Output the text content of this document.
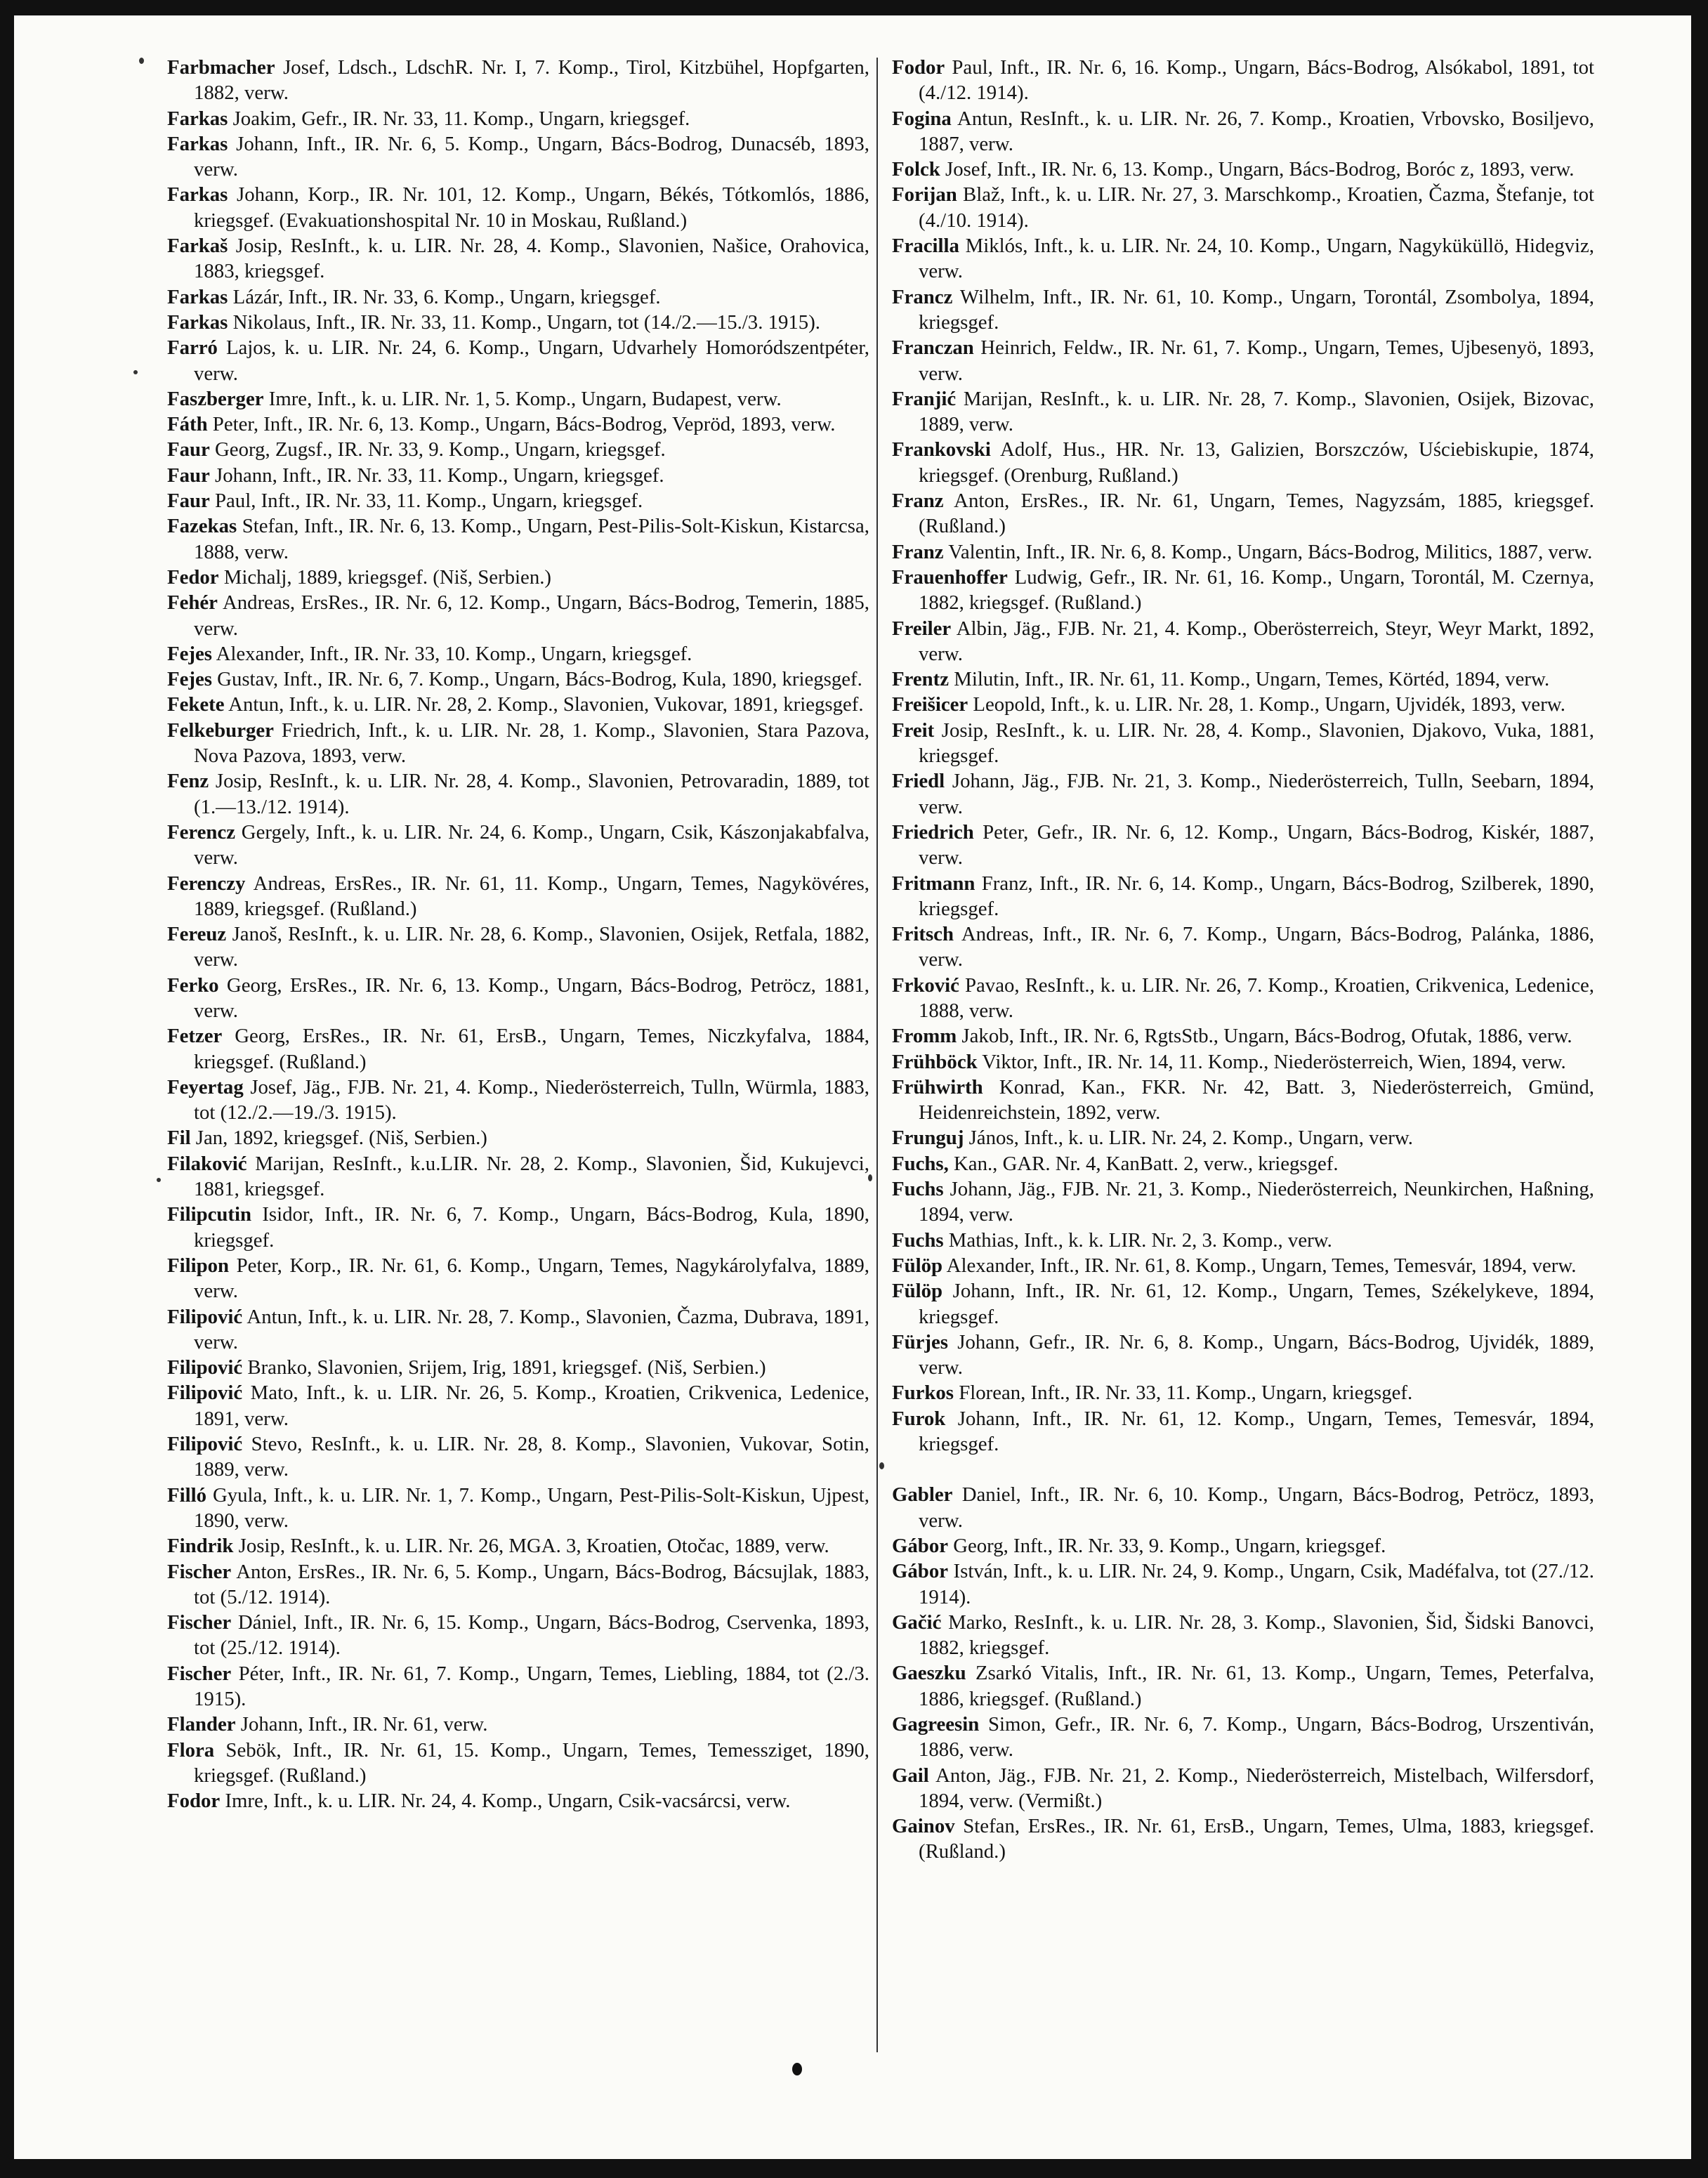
Farbmacher Josef, Ldsch., LdschR. Nr. I, 7. Komp., Tirol, Kitzbühel, Hopfgarten, 1882, verw.
Farkas Joakim, Gefr., IR. Nr. 33, 11. Komp., Ungarn, kriegsgef.
Farkas Johann, Inft., IR. Nr. 6, 5. Komp., Ungarn, Bács-Bodrog, Dunacséb, 1893, verw.
Farkas Johann, Korp., IR. Nr. 101, 12. Komp., Ungarn, Békés, Tótkomlós, 1886, kriegsgef. (Evakuationshospital Nr. 10 in Moskau, Rußland.)
Farkaš Josip, ResInft., k. u. LIR. Nr. 28, 4. Komp., Slavonien, Našice, Orahovica, 1883, kriegsgef.
Farkas Lázár, Inft., IR. Nr. 33, 6. Komp., Ungarn, kriegsgef.
Farkas Nikolaus, Inft., IR. Nr. 33, 11. Komp., Ungarn, tot (14./2.—15./3. 1915).
Farró Lajos, k. u. LIR. Nr. 24, 6. Komp., Ungarn, Udvarhely Homoródszentpéter, verw.
Faszberger Imre, Inft., k. u. LIR. Nr. 1, 5. Komp., Ungarn, Budapest, verw.
Fáth Peter, Inft., IR. Nr. 6, 13. Komp., Ungarn, Bács-Bodrog, Vepröd, 1893, verw.
Faur Georg, Zugsf., IR. Nr. 33, 9. Komp., Ungarn, kriegsgef.
Faur Johann, Inft., IR. Nr. 33, 11. Komp., Ungarn, kriegsgef.
Faur Paul, Inft., IR. Nr. 33, 11. Komp., Ungarn, kriegsgef.
Fazekas Stefan, Inft., IR. Nr. 6, 13. Komp., Ungarn, Pest-Pilis-Solt-Kiskun, Kistarcsa, 1888, verw.
Fedor Michalj, 1889, kriegsgef. (Niš, Serbien.)
Fehér Andreas, ErsRes., IR. Nr. 6, 12. Komp., Ungarn, Bács-Bodrog, Temerin, 1885, verw.
Fejes Alexander, Inft., IR. Nr. 33, 10. Komp., Ungarn, kriegsgef.
Fejes Gustav, Inft., IR. Nr. 6, 7. Komp., Ungarn, Bács-Bodrog, Kula, 1890, kriegsgef.
Fekete Antun, Inft., k. u. LIR. Nr. 28, 2. Komp., Slavonien, Vukovar, 1891, kriegsgef.
Felkeburger Friedrich, Inft., k. u. LIR. Nr. 28, 1. Komp., Slavonien, Stara Pazova, Nova Pazova, 1893, verw.
Fenz Josip, ResInft., k. u. LIR. Nr. 28, 4. Komp., Slavonien, Petrovaradin, 1889, tot (1.—13./12. 1914).
Ferencz Gergely, Inft., k. u. LIR. Nr. 24, 6. Komp., Ungarn, Csik, Kászonjakabfalva, verw.
Ferenczy Andreas, ErsRes., IR. Nr. 61, 11. Komp., Ungarn, Temes, Nagykövéres, 1889, kriegsgef. (Rußland.)
Fereuz Janoš, ResInft., k. u. LIR. Nr. 28, 6. Komp., Slavonien, Osijek, Retfala, 1882, verw.
Ferko Georg, ErsRes., IR. Nr. 6, 13. Komp., Ungarn, Bács-Bodrog, Petröcz, 1881, verw.
Fetzer Georg, ErsRes., IR. Nr. 61, ErsB., Ungarn, Temes, Niczkyfalva, 1884, kriegsgef. (Rußland.)
Feyertag Josef, Jäg., FJB. Nr. 21, 4. Komp., Niederösterreich, Tulln, Würmla, 1883, tot (12./2.—19./3. 1915).
Fil Jan, 1892, kriegsgef. (Niš, Serbien.)
Filaković Marijan, ResInft., k.u.LIR. Nr. 28, 2. Komp., Slavonien, Šid, Kukujevci, 1881, kriegsgef.
Filipcutin Isidor, Inft., IR. Nr. 6, 7. Komp., Ungarn, Bács-Bodrog, Kula, 1890, kriegsgef.
Filipon Peter, Korp., IR. Nr. 61, 6. Komp., Ungarn, Temes, Nagykárolyfalva, 1889, verw.
Filipović Antun, Inft., k. u. LIR. Nr. 28, 7. Komp., Slavonien, Čazma, Dubrava, 1891, verw.
Filipović Branko, Slavonien, Srijem, Irig, 1891, kriegsgef. (Niš, Serbien.)
Filipović Mato, Inft., k. u. LIR. Nr. 26, 5. Komp., Kroatien, Crikvenica, Ledenice, 1891, verw.
Filipović Stevo, ResInft., k. u. LIR. Nr. 28, 8. Komp., Slavonien, Vukovar, Sotin, 1889, verw.
Filló Gyula, Inft., k. u. LIR. Nr. 1, 7. Komp., Ungarn, Pest-Pilis-Solt-Kiskun, Ujpest, 1890, verw.
Findrik Josip, ResInft., k. u. LIR. Nr. 26, MGA. 3, Kroatien, Otočac, 1889, verw.
Fischer Anton, ErsRes., IR. Nr. 6, 5. Komp., Ungarn, Bács-Bodrog, Bácsujlak, 1883, tot (5./12. 1914).
Fischer Dániel, Inft., IR. Nr. 6, 15. Komp., Ungarn, Bács-Bodrog, Cservenka, 1893, tot (25./12. 1914).
Fischer Péter, Inft., IR. Nr. 61, 7. Komp., Ungarn, Temes, Liebling, 1884, tot (2./3. 1915).
Flander Johann, Inft., IR. Nr. 61, verw.
Flora Sebök, Inft., IR. Nr. 61, 15. Komp., Ungarn, Temes, Temessziget, 1890, kriegsgef. (Rußland.)
Fodor Imre, Inft., k. u. LIR. Nr. 24, 4. Komp., Ungarn, Csik-vacsárcsi, verw.
Fodor Paul, Inft., IR. Nr. 6, 16. Komp., Ungarn, Bács-Bodrog, Alsókabol, 1891, tot (4./12. 1914).
Fogina Antun, ResInft., k. u. LIR. Nr. 26, 7. Komp., Kroatien, Vrbovsko, Bosiljevo, 1887, verw.
Folck Josef, Inft., IR. Nr. 6, 13. Komp., Ungarn, Bács-Bodrog, Boróc z, 1893, verw.
Forijan Blaž, Inft., k. u. LIR. Nr. 27, 3. Marschkomp., Kroatien, Čazma, Štefanje, tot (4./10. 1914).
Fracilla Miklós, Inft., k. u. LIR. Nr. 24, 10. Komp., Ungarn, Nagyküküllö, Hidegviz, verw.
Francz Wilhelm, Inft., IR. Nr. 61, 10. Komp., Ungarn, Torontál, Zsombolya, 1894, kriegsgef.
Franczan Heinrich, Feldw., IR. Nr. 61, 7. Komp., Ungarn, Temes, Ujbesenyö, 1893, verw.
Franjić Marijan, ResInft., k. u. LIR. Nr. 28, 7. Komp., Slavonien, Osijek, Bizovac, 1889, verw.
Frankovski Adolf, Hus., HR. Nr. 13, Galizien, Borszczów, Uściebiskupie, 1874, kriegsgef. (Orenburg, Rußland.)
Franz Anton, ErsRes., IR. Nr. 61, Ungarn, Temes, Nagyzsám, 1885, kriegsgef. (Rußland.)
Franz Valentin, Inft., IR. Nr. 6, 8. Komp., Ungarn, Bács-Bodrog, Militics, 1887, verw.
Frauenhoffer Ludwig, Gefr., IR. Nr. 61, 16. Komp., Ungarn, Torontál, M. Czernya, 1882, kriegsgef. (Rußland.)
Freiler Albin, Jäg., FJB. Nr. 21, 4. Komp., Oberösterreich, Steyr, Weyr Markt, 1892, verw.
Frentz Milutin, Inft., IR. Nr. 61, 11. Komp., Ungarn, Temes, Körtéd, 1894, verw.
Freišicer Leopold, Inft., k. u. LIR. Nr. 28, 1. Komp., Ungarn, Ujvidék, 1893, verw.
Freit Josip, ResInft., k. u. LIR. Nr. 28, 4. Komp., Slavonien, Djakovo, Vuka, 1881, kriegsgef.
Friedl Johann, Jäg., FJB. Nr. 21, 3. Komp., Niederösterreich, Tulln, Seebarn, 1894, verw.
Friedrich Peter, Gefr., IR. Nr. 6, 12. Komp., Ungarn, Bács-Bodrog, Kiskér, 1887, verw.
Fritmann Franz, Inft., IR. Nr. 6, 14. Komp., Ungarn, Bács-Bodrog, Szilberek, 1890, kriegsgef.
Fritsch Andreas, Inft., IR. Nr. 6, 7. Komp., Ungarn, Bács-Bodrog, Palánka, 1886, verw.
Frković Pavao, ResInft., k. u. LIR. Nr. 26, 7. Komp., Kroatien, Crikvenica, Ledenice, 1888, verw.
Fromm Jakob, Inft., IR. Nr. 6, RgtsStb., Ungarn, Bács-Bodrog, Ofutak, 1886, verw.
Frühböck Viktor, Inft., IR. Nr. 14, 11. Komp., Niederösterreich, Wien, 1894, verw.
Frühwirth Konrad, Kan., FKR. Nr. 42, Batt. 3, Niederösterreich, Gmünd, Heidenreichstein, 1892, verw.
Frunguj János, Inft., k. u. LIR. Nr. 24, 2. Komp., Ungarn, verw.
Fuchs, Kan., GAR. Nr. 4, KanBatt. 2, verw., kriegsgef.
Fuchs Johann, Jäg., FJB. Nr. 21, 3. Komp., Niederösterreich, Neunkirchen, Haßning, 1894, verw.
Fuchs Mathias, Inft., k. k. LIR. Nr. 2, 3. Komp., verw.
Fülöp Alexander, Inft., IR. Nr. 61, 8. Komp., Ungarn, Temes, Temesvár, 1894, verw.
Fülöp Johann, Inft., IR. Nr. 61, 12. Komp., Ungarn, Temes, Székelykeve, 1894, kriegsgef.
Fürjes Johann, Gefr., IR. Nr. 6, 8. Komp., Ungarn, Bács-Bodrog, Ujvidék, 1889, verw.
Furkos Florean, Inft., IR. Nr. 33, 11. Komp., Ungarn, kriegsgef.
Furok Johann, Inft., IR. Nr. 61, 12. Komp., Ungarn, Temes, Temesvár, 1894, kriegsgef.
Gabler Daniel, Inft., IR. Nr. 6, 10. Komp., Ungarn, Bács-Bodrog, Petröcz, 1893, verw.
Gábor Georg, Inft., IR. Nr. 33, 9. Komp., Ungarn, kriegsgef.
Gábor István, Inft., k. u. LIR. Nr. 24, 9. Komp., Ungarn, Csik, Madéfalva, tot (27./12. 1914).
Gačić Marko, ResInft., k. u. LIR. Nr. 28, 3. Komp., Slavonien, Šid, Šidski Banovci, 1882, kriegsgef.
Gaeszku Zsarkó Vitalis, Inft., IR. Nr. 61, 13. Komp., Ungarn, Temes, Peterfalva, 1886, kriegsgef. (Rußland.)
Gagreesin Simon, Gefr., IR. Nr. 6, 7. Komp., Ungarn, Bács-Bodrog, Urszentiván, 1886, verw.
Gail Anton, Jäg., FJB. Nr. 21, 2. Komp., Niederösterreich, Mistelbach, Wilfersdorf, 1894, verw. (Vermißt.)
Gainov Stefan, ErsRes., IR. Nr. 61, ErsB., Ungarn, Temes, Ulma, 1883, kriegsgef. (Rußland.)
